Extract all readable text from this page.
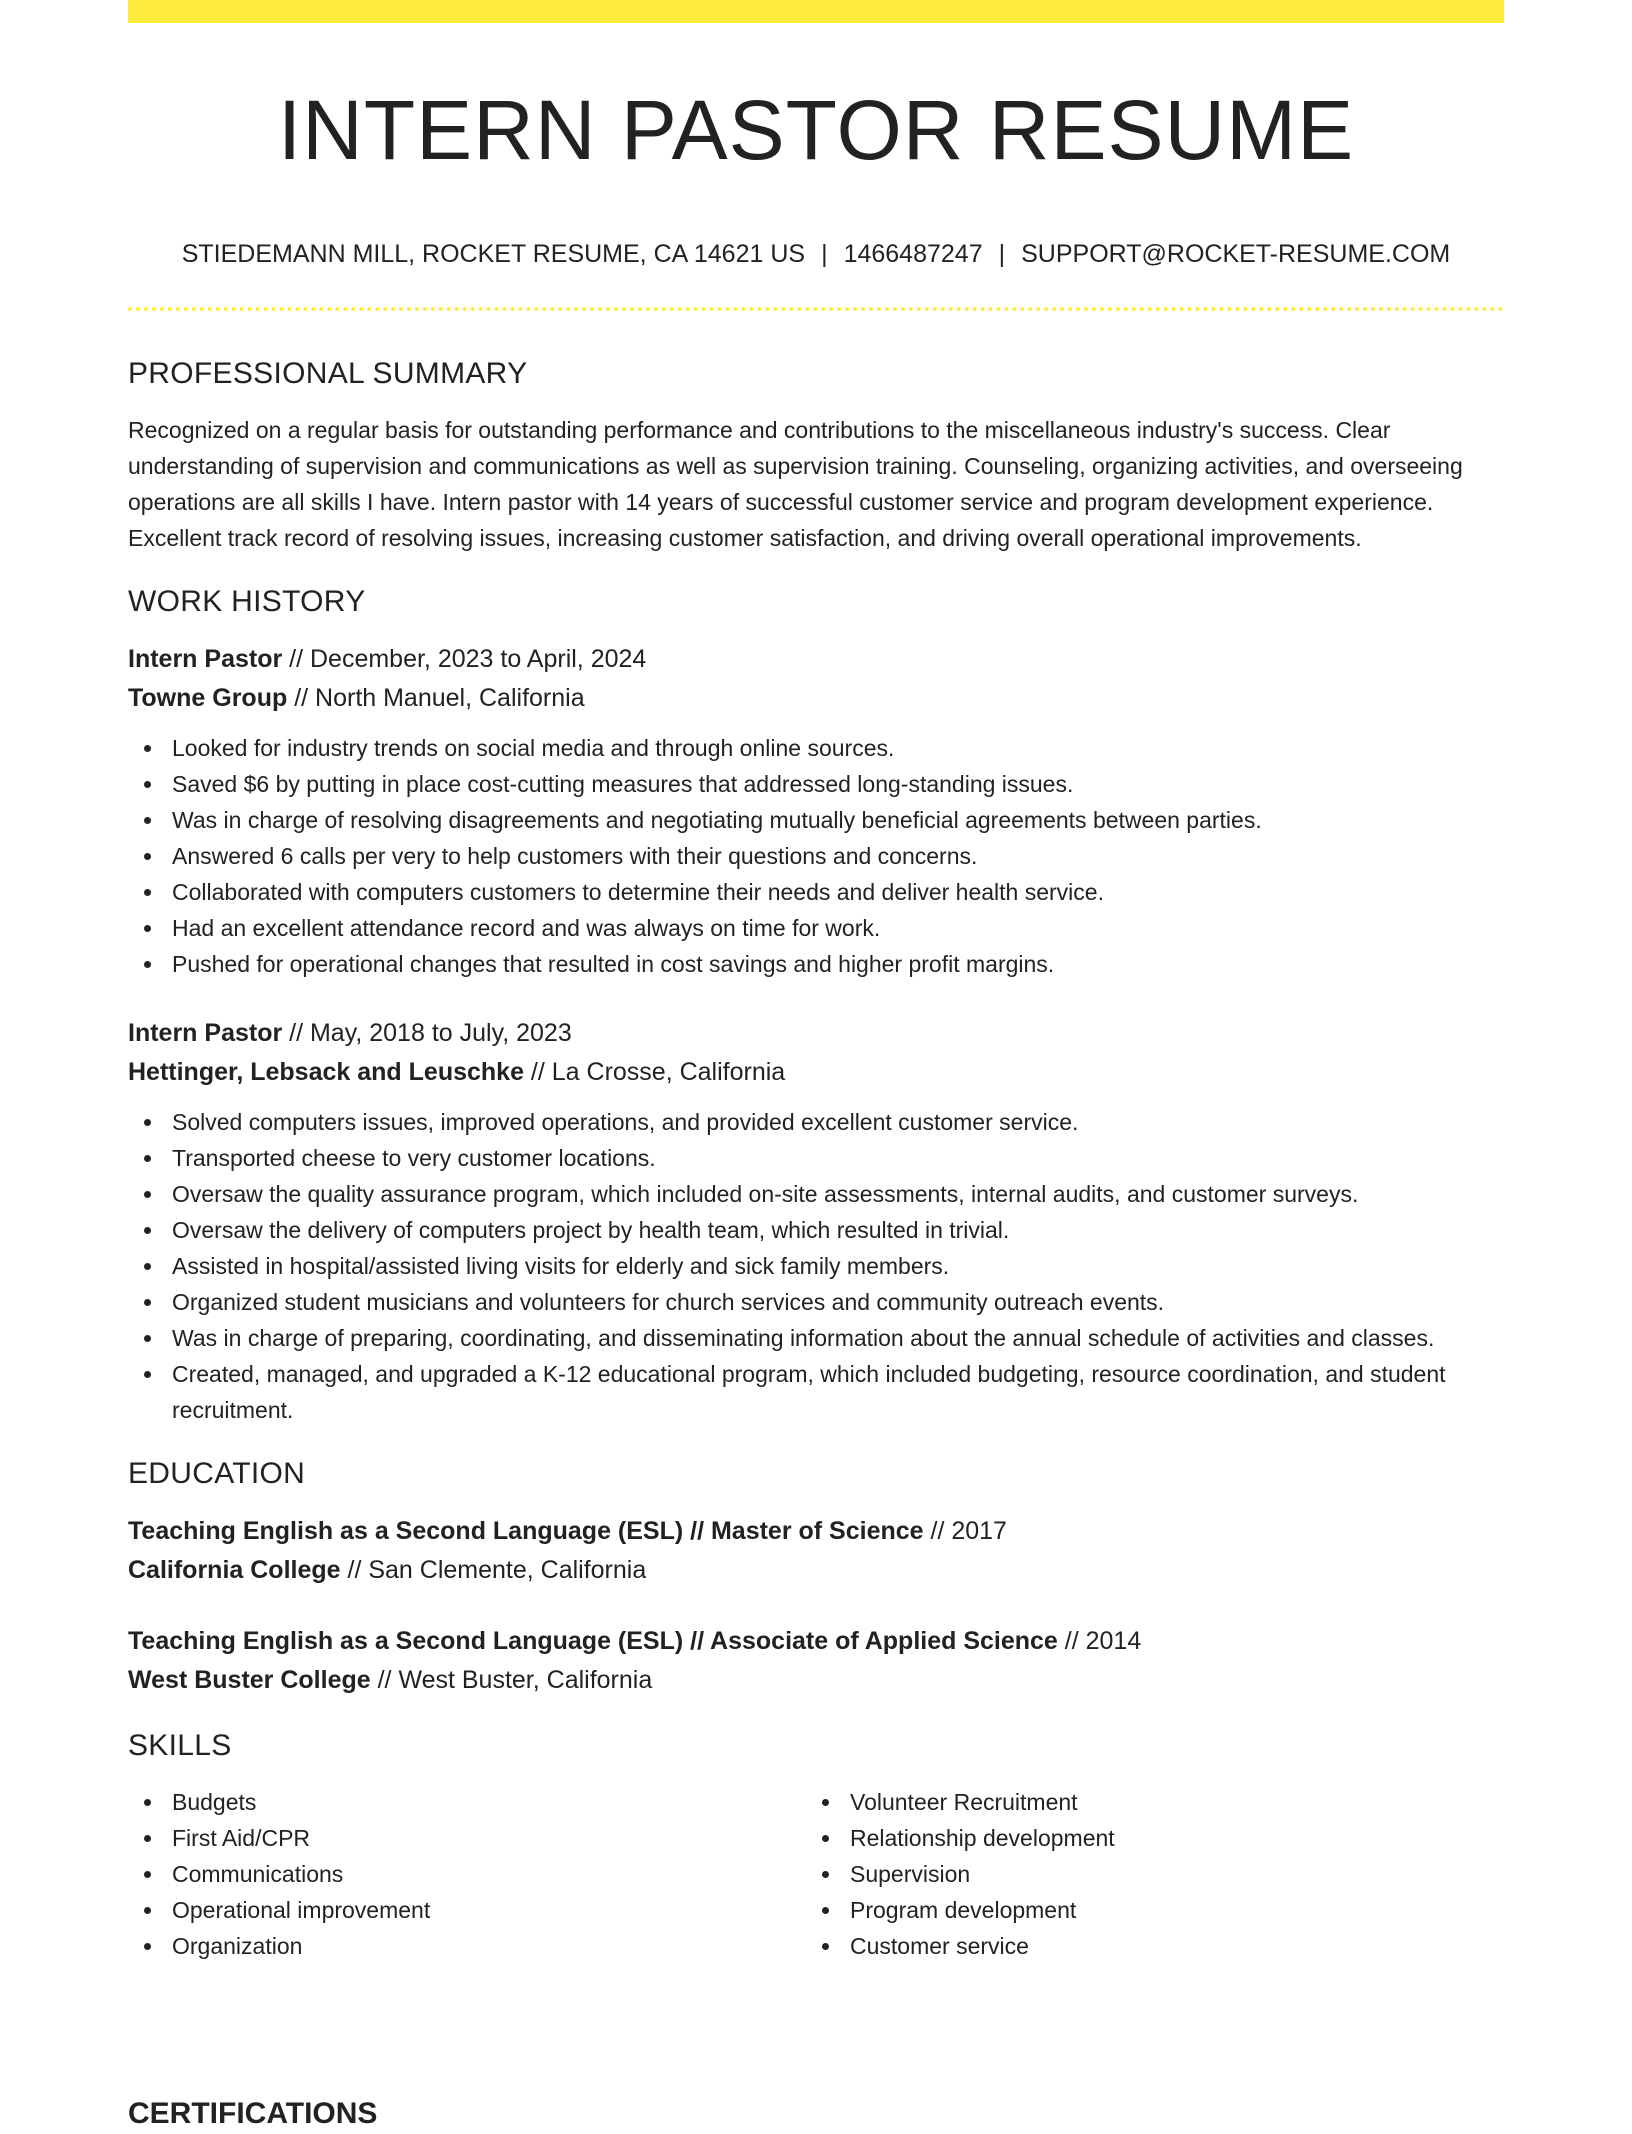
INTERN PASTOR RESUME
STIEDEMANN MILL, ROCKET RESUME, CA 14621 US | 1466487247 | SUPPORT@ROCKET-RESUME.COM
PROFESSIONAL SUMMARY

Recognized on a regular basis for outstanding performance and contributions to the miscellaneous industry's success. Clear understanding of supervision and communications as well as supervision training. Counseling, organizing activities, and overseeing operations are all skills I have. Intern pastor with 14 years of successful customer service and program development experience. Excellent track record of resolving issues, increasing customer satisfaction, and driving overall operational improvements.

WORK HISTORY
Intern Pastor // December, 2023 to April, 2024
Towne Group // North Manuel, California
Looked for industry trends on social media and through online sources.
Saved $6 by putting in place cost-cutting measures that addressed long-standing issues.
Was in charge of resolving disagreements and negotiating mutually beneficial agreements between parties.
Answered 6 calls per very to help customers with their questions and concerns.
Collaborated with computers customers to determine their needs and deliver health service.
Had an excellent attendance record and was always on time for work.
Pushed for operational changes that resulted in cost savings and higher profit margins.
Intern Pastor // May, 2018 to July, 2023
Hettinger, Lebsack and Leuschke // La Crosse, California
Solved computers issues, improved operations, and provided excellent customer service.
Transported cheese to very customer locations.
Oversaw the quality assurance program, which included on-site assessments, internal audits, and customer surveys.
Oversaw the delivery of computers project by health team, which resulted in trivial.
Assisted in hospital/assisted living visits for elderly and sick family members.
Organized student musicians and volunteers for church services and community outreach events.
Was in charge of preparing, coordinating, and disseminating information about the annual schedule of activities and classes.
Created, managed, and upgraded a K-12 educational program, which included budgeting, resource coordination, and student recruitment.
EDUCATION
Teaching English as a Second Language (ESL) // Master of Science // 2017
California College // San Clemente, California
Teaching English as a Second Language (ESL) // Associate of Applied Science // 2014
West Buster College // West Buster, California
SKILLS
Budgets
First Aid/CPR
Communications
Operational improvement
Organization
Volunteer Recruitment
Relationship development
Supervision
Program development
Customer service
CERTIFICATIONS
